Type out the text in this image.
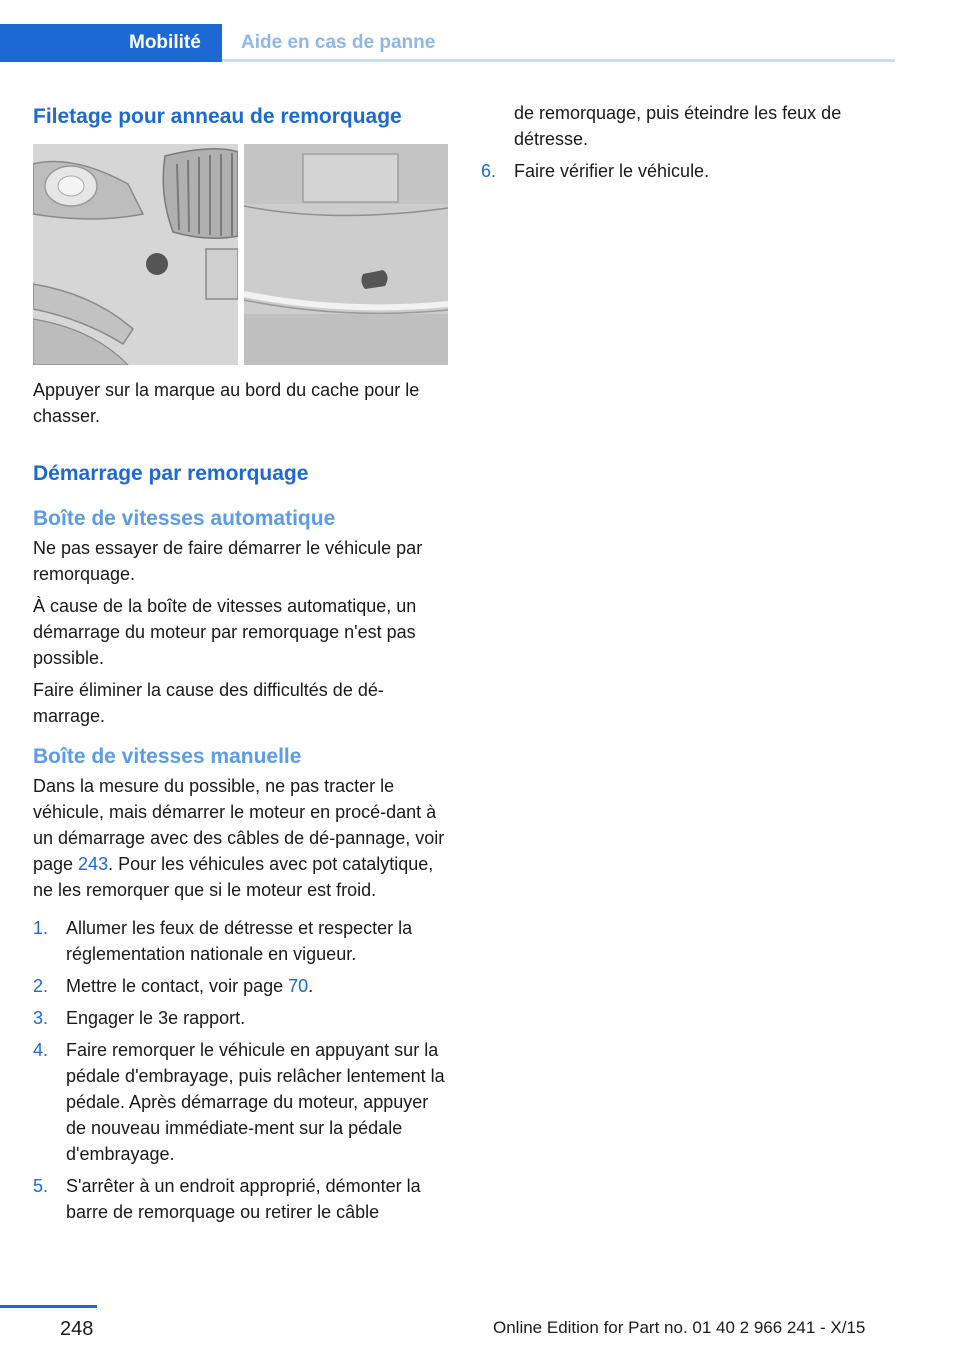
Mobilité	Aide en cas de panne
Filetage pour anneau de remorquage

Appuyer sur la marque au bord du cache pour le chasser.

Démarrage par remorquage
Boîte de vitesses automatique

Ne pas essayer de faire démarrer le véhicule par remorquage.

À cause de la boîte de vitesses automatique, un démarrage du moteur par remorquage n'est pas possible.

Faire éliminer la cause des difficultés de dé‐marrage.

Boîte de vitesses manuelle

Dans la mesure du possible, ne pas tracter le véhicule, mais démarrer le moteur en procé‐dant à un démarrage avec des câbles de dé‐pannage, voir page 243. Pour les véhicules avec pot catalytique, ne les remorquer que si le moteur est froid.

1. Allumer les feux de détresse et respecter la réglementation nationale en vigueur.
2. Mettre le contact, voir page 70.
3. Engager le 3e rapport.
4. Faire remorquer le véhicule en appuyant sur la pédale d'embrayage, puis relâcher lentement la pédale. Après démarrage du moteur, appuyer de nouveau immédiate‐ment sur la pédale d'embrayage.
5. S'arrêter à un endroit approprié, démonter la barre de remorquage ou retirer le câble
de remorquage, puis éteindre les feux de détresse.
6. Faire vérifier le véhicule.
248	Online Edition for Part no. 01 40 2 966 241 - X/15
